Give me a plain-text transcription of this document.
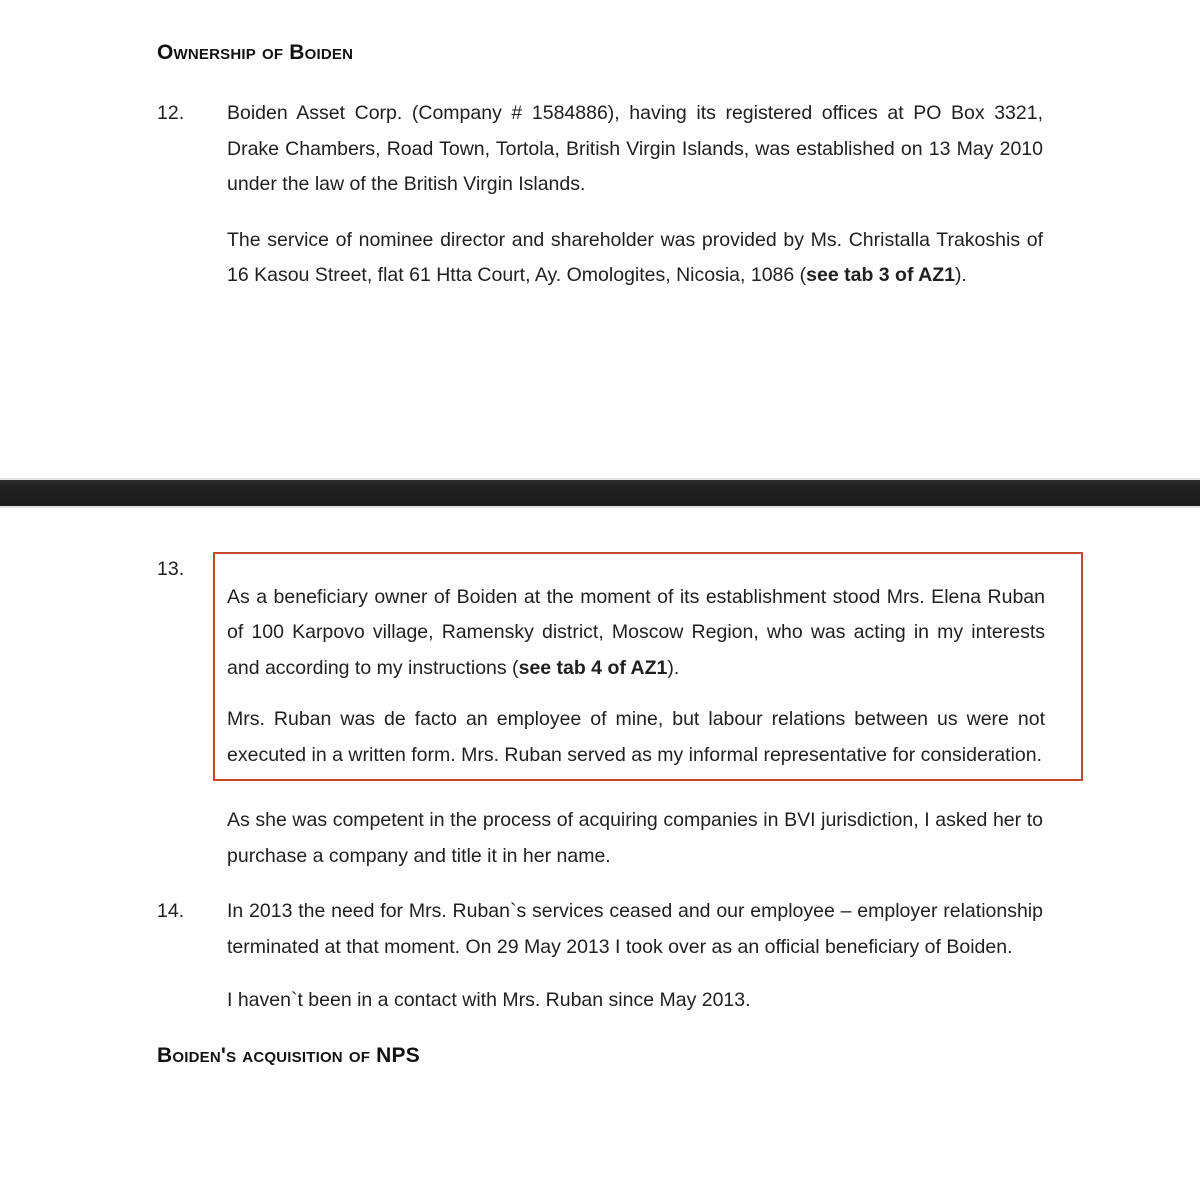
Ownership of Boiden
12.	Boiden Asset Corp. (Company # 1584886), having its registered offices at PO Box 3321, Drake Chambers, Road Town, Tortola, British Virgin Islands, was established on 13 May 2010 under the law of the British Virgin Islands.
The service of nominee director and shareholder was provided by Ms. Christalla Trakoshis of 16 Kasou Street, flat 61 Htta Court, Ay. Omologites, Nicosia, 1086 (see tab 3 of AZ1).
13.
As a beneficiary owner of Boiden at the moment of its establishment stood Mrs. Elena Ruban of 100 Karpovo village, Ramensky district, Moscow Region, who was acting in my interests and according to my instructions (see tab 4 of AZ1).
Mrs. Ruban was de facto an employee of mine, but labour relations between us were not executed in a written form. Mrs. Ruban served as my informal representative for consideration.
As she was competent in the process of acquiring companies in BVI jurisdiction, I asked her to purchase a company and title it in her name.
14.	In 2013 the need for Mrs. Ruban`s services ceased and our employee – employer relationship terminated at that moment. On 29 May 2013 I took over as an official beneficiary of Boiden.
I haven`t been in a contact with Mrs. Ruban since May 2013.
Boiden's acquisition of NPS
